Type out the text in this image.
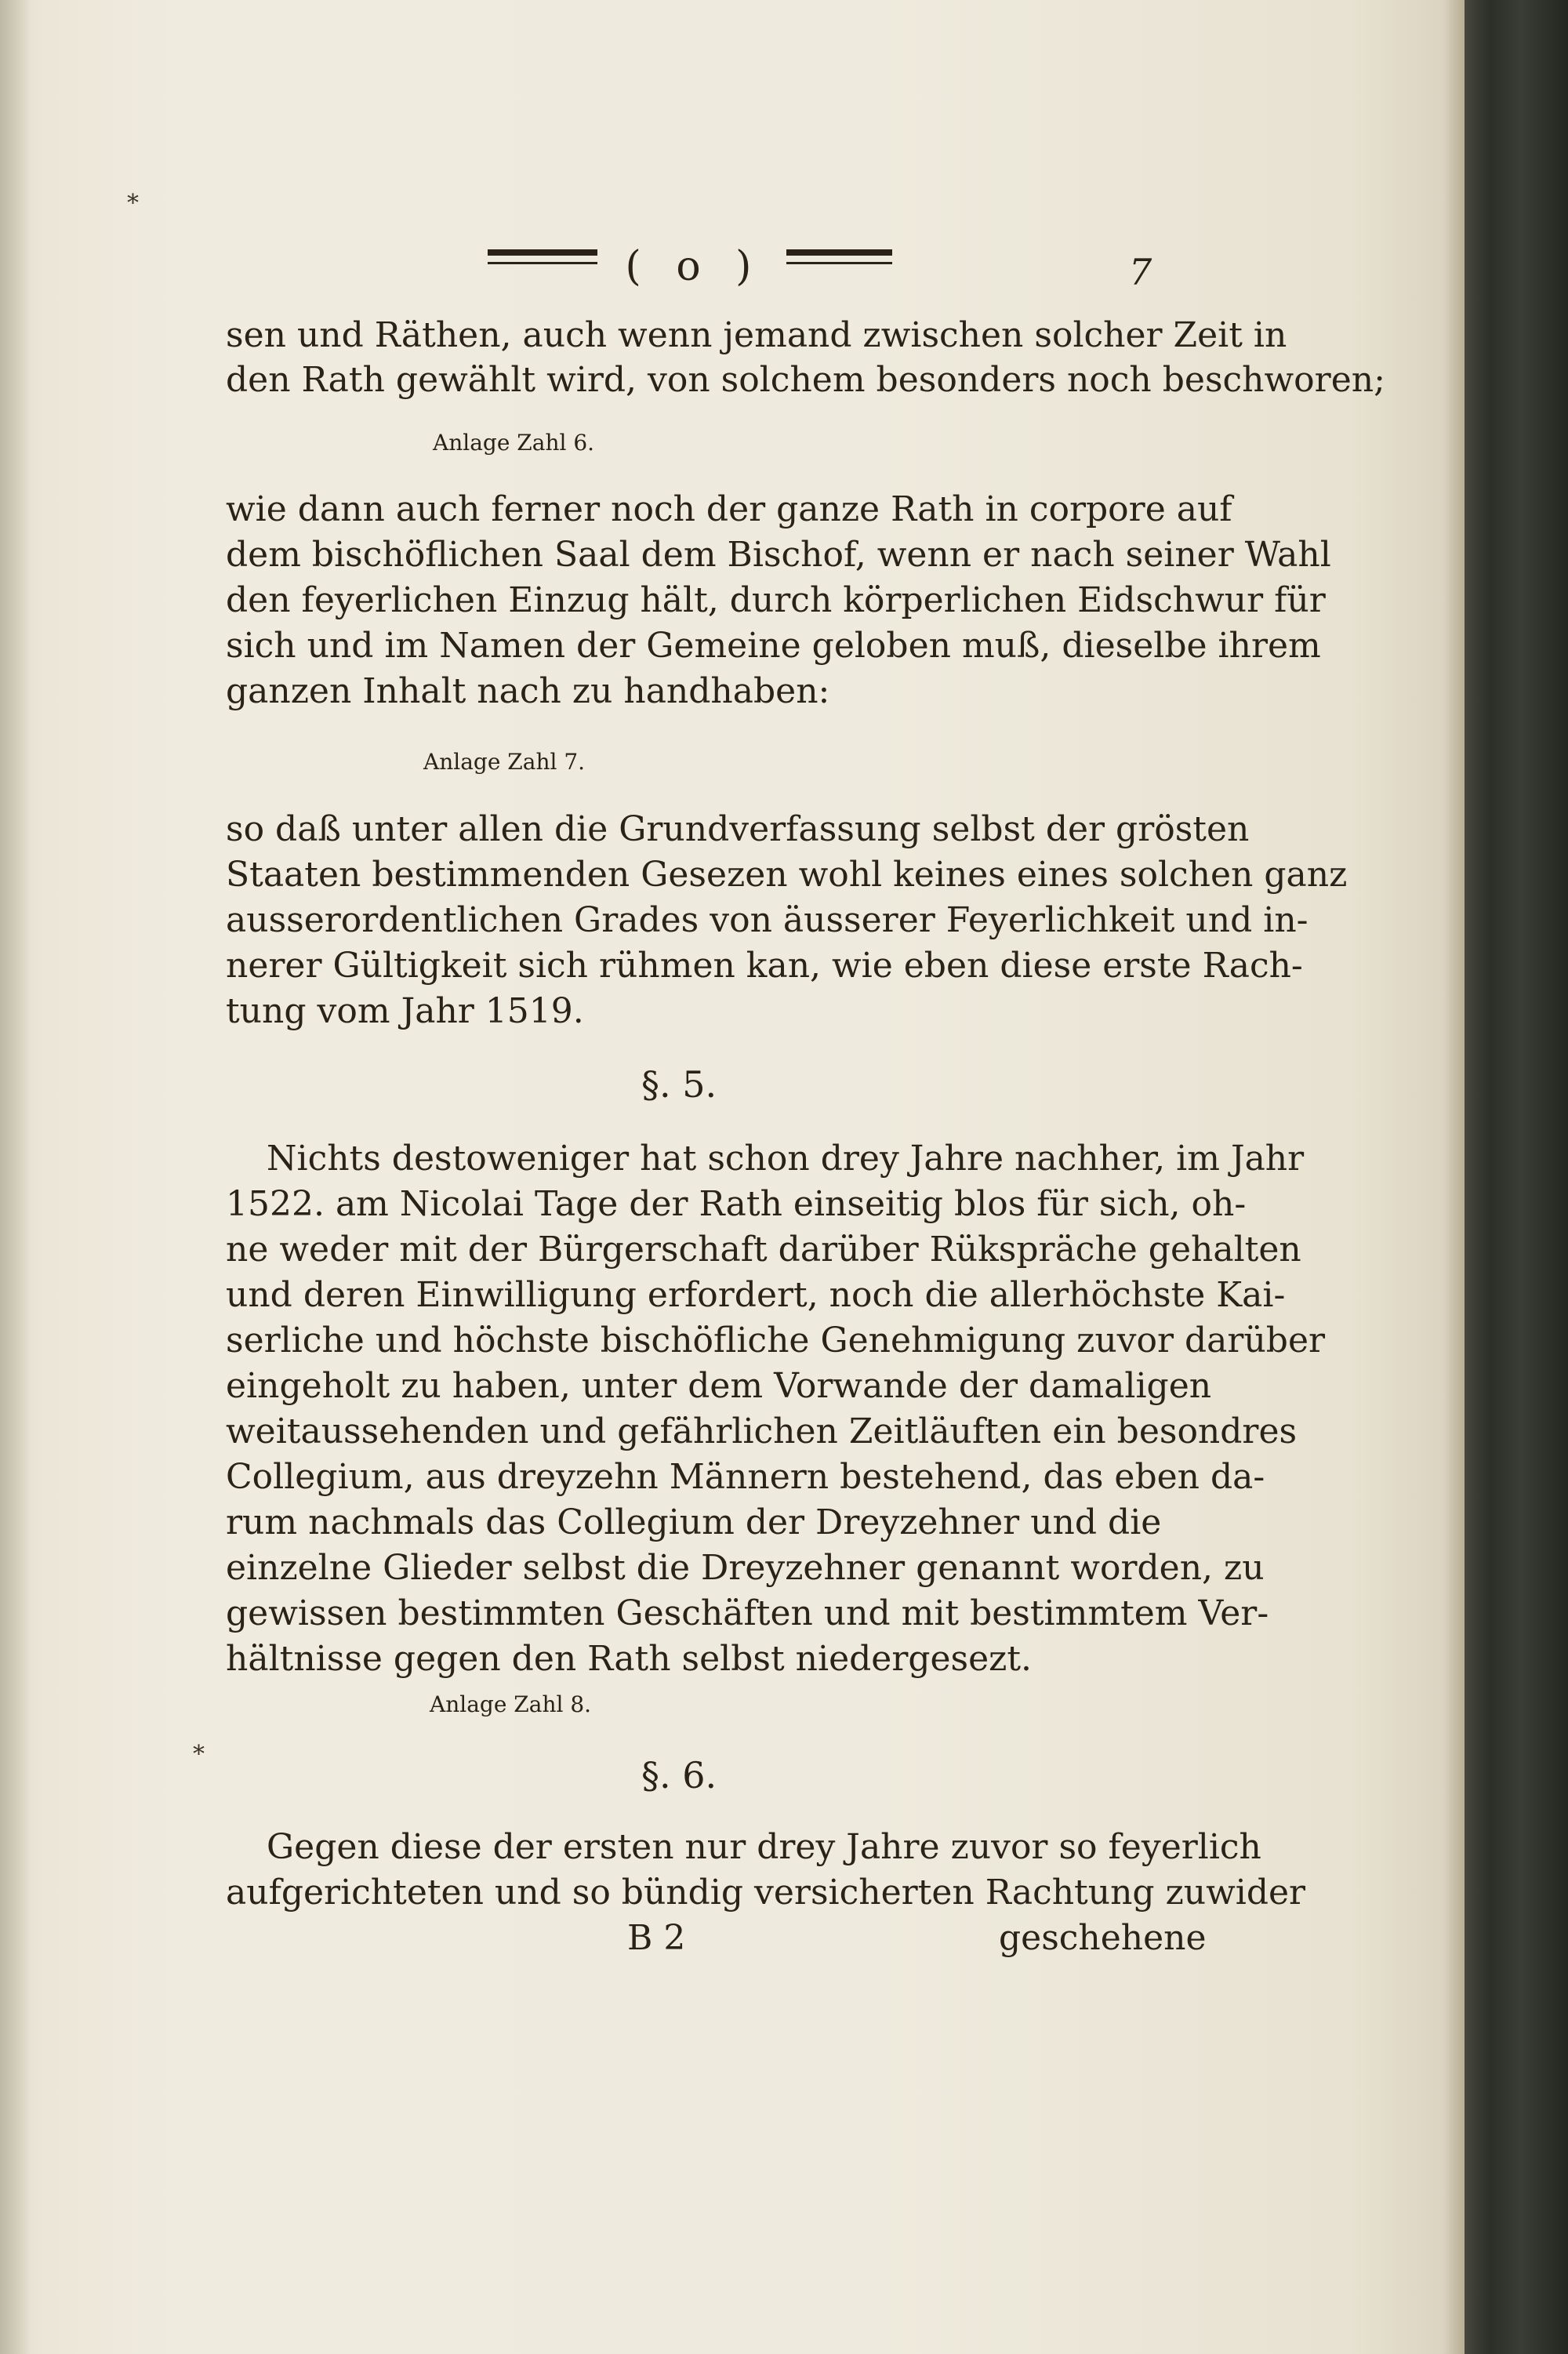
⁎
⁎
( o )	7
sen und Räthen, auch wenn jemand zwischen solcher Zeit in
den Rath gewählt wird, von solchem besonders noch beschworen;
Anlage Zahl 6.
wie dann auch ferner noch der ganze Rath in corpore auf
dem bischöflichen Saal dem Bischof, wenn er nach seiner Wahl
den feyerlichen Einzug hält, durch körperlichen Eidschwur für
sich und im Namen der Gemeine geloben muß, dieselbe ihrem
ganzen Inhalt nach zu handhaben:
Anlage Zahl 7.
so daß unter allen die Grundverfassung selbst der grösten
Staaten bestimmenden Gesezen wohl keines eines solchen ganz
ausserordentlichen Grades von äusserer Feyerlichkeit und in-
nerer Gültigkeit sich rühmen kan, wie eben diese erste Rach-
tung vom Jahr 1519.
§. 5.
Nichts destoweniger hat schon drey Jahre nachher, im Jahr
1522. am Nicolai Tage der Rath einseitig blos für sich, oh-
ne weder mit der Bürgerschaft darüber Rükspräche gehalten
und deren Einwilligung erfordert, noch die allerhöchste Kai-
serliche und höchste bischöfliche Genehmigung zuvor darüber
eingeholt zu haben, unter dem Vorwande der damaligen
weitaussehenden und gefährlichen Zeitläuften ein besondres
Collegium, aus dreyzehn Männern bestehend, das eben da-
rum nachmals das Collegium der Dreyzehner und die
einzelne Glieder selbst die Dreyzehner genannt worden, zu
gewissen bestimmten Geschäften und mit bestimmtem Ver-
hältnisse gegen den Rath selbst niedergesezt.
Anlage Zahl 8.
§. 6.
Gegen diese der ersten nur drey Jahre zuvor so feyerlich
aufgerichteten und so bündig versicherten Rachtung zuwider
B 2	geschehene
